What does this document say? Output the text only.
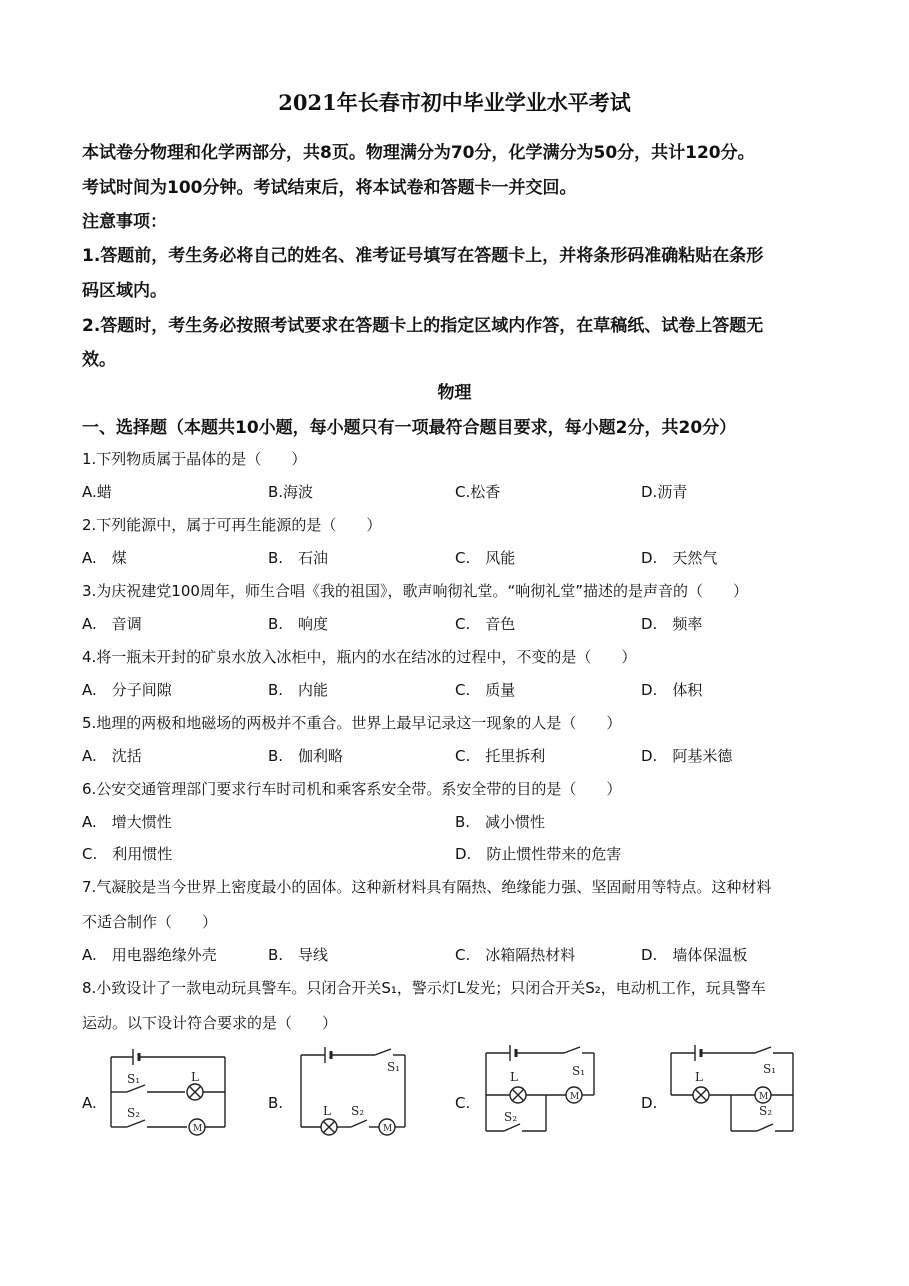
2021年长春市初中毕业学业水平考试
本试卷分物理和化学两部分，共8页。物理满分为70分，化学满分为50分，共计120分。
考试时间为100分钟。考试结束后，将本试卷和答题卡一并交回。
注意事项：
1.答题前，考生务必将自己的姓名、准考证号填写在答题卡上，并将条形码准确粘贴在条形
码区域内。
2.答题时，考生务必按照考试要求在答题卡上的指定区域内作答，在草稿纸、试卷上答题无
效。
物理
一、选择题（本题共10小题，每小题只有一项最符合题目要求，每小题2分，共20分）
1.下列物质属于晶体的是（　　）
A.蜡	B.海波	C.松香	D.沥青
2.下列能源中，属于可再生能源的是（　　）
A.　煤	B.　石油	C.　风能	D.　天然气
3.为庆祝建党100周年，师生合唱《我的祖国》，歌声响彻礼堂。“响彻礼堂”描述的是声音的（　　）
A.　音调	B.　响度	C.　音色	D.　频率
4.将一瓶未开封的矿泉水放入冰柜中，瓶内的水在结冰的过程中，不变的是（　　）
A.　分子间隙	B.　内能	C.　质量	D.　体积
5.地理的两极和地磁场的两极并不重合。世界上最早记录这一现象的人是（　　）
A.　沈括	B.　伽利略	C.　托里拆利	D.　阿基米德
6.公安交通管理部门要求行车时司机和乘客系安全带。系安全带的目的是（　　）
A.　增大惯性	B.　减小惯性
C.　利用惯性	D.　防止惯性带来的危害
7.气凝胶是当今世界上密度最小的固体。这种新材料具有隔热、绝缘能力强、坚固耐用等特点。这种材料
不适合制作（　　）
A.　用电器绝缘外壳	B.　导线	C.　冰箱隔热材料	D.　墙体保温板
8.小致设计了一款电动玩具警车。只闭合开关S₁，警示灯L发光；只闭合开关S₂，电动机工作，玩具警车
运动。以下设计符合要求的是（　　）
A.	B.	C.	D.
S₁	L
S₂
M
S₁
L S₂
M
S₁
L
S₂
M
L
S₁
S₂
M
